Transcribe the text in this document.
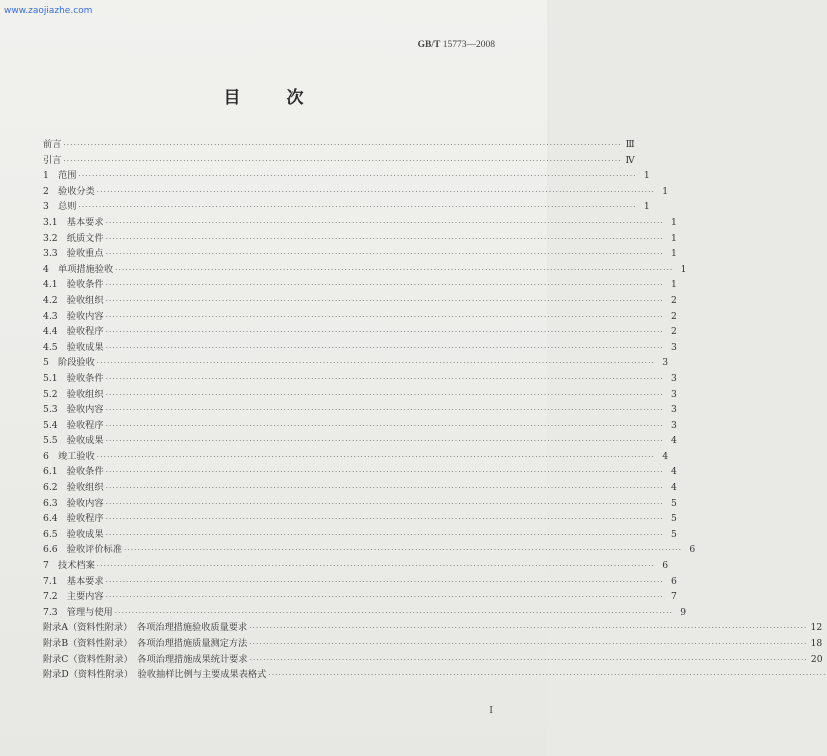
www.zaojiazhe.com
GB/T 15773—2008
目 次
前言 ··································································································································································· Ⅲ
引言 ··································································································································································· Ⅳ
1　范围 ··································································································································································· 1
2　验收分类 ··································································································································································· 1
3　总则 ··································································································································································· 1
3.1　基本要求 ··································································································································································· 1
3.2　纸质文件 ··································································································································································· 1
3.3　验收重点 ··································································································································································· 1
4　单项措施验收 ··································································································································································· 1
4.1　验收条件 ··································································································································································· 1
4.2　验收组织 ··································································································································································· 2
4.3　验收内容 ··································································································································································· 2
4.4　验收程序 ··································································································································································· 2
4.5　验收成果 ··································································································································································· 3
5　阶段验收 ··································································································································································· 3
5.1　验收条件 ··································································································································································· 3
5.2　验收组织 ··································································································································································· 3
5.3　验收内容 ··································································································································································· 3
5.4　验收程序 ··································································································································································· 3
5.5　验收成果 ··································································································································································· 4
6　竣工验收 ··································································································································································· 4
6.1　验收条件 ··································································································································································· 4
6.2　验收组织 ··································································································································································· 4
6.3　验收内容 ··································································································································································· 5
6.4　验收程序 ··································································································································································· 5
6.5　验收成果 ··································································································································································· 5
6.6　验收评价标准 ··································································································································································· 6
7　技术档案 ··································································································································································· 6
7.1　基本要求 ··································································································································································· 6
7.2　主要内容 ··································································································································································· 7
7.3　管理与使用 ··································································································································································· 9
附录A（资料性附录）　各项治理措施验收质量要求 ··································································································································································· 12
附录B（资料性附录）　各项治理措施质量测定方法 ··································································································································································· 18
附录C（资料性附录）　各项治理措施成果统计要求 ··································································································································································· 20
附录D（资料性附录）　验收抽样比例与主要成果表格式 ···································································································································································
I
